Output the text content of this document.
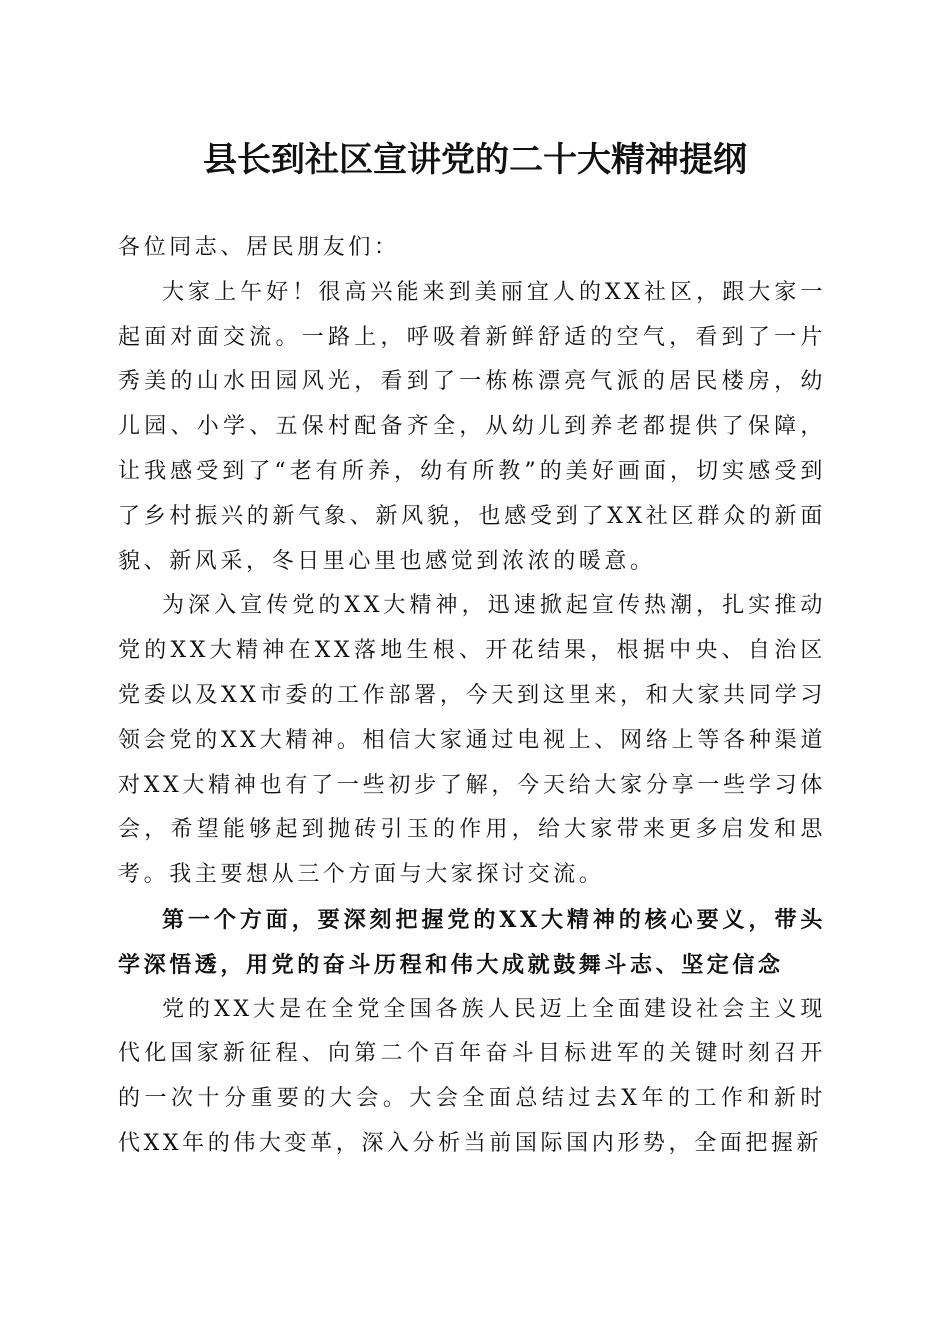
县长到社区宣讲党的二十大精神提纲

各位同志、居民朋友们：

大家上午好！很高兴能来到美丽宜人的XX社区，跟大家一起面对面交流。一路上，呼吸着新鲜舒适的空气，看到了一片秀美的山水田园风光，看到了一栋栋漂亮气派的居民楼房，幼儿园、小学、五保村配备齐全，从幼儿到养老都提供了保障，让我感受到了“老有所养，幼有所教”的美好画面，切实感受到了乡村振兴的新气象、新风貌，也感受到了XX社区群众的新面貌、新风采，冬日里心里也感觉到浓浓的暖意。

为深入宣传党的XX大精神，迅速掀起宣传热潮，扎实推动党的XX大精神在XX落地生根、开花结果，根据中央、自治区党委以及XX市委的工作部署，今天到这里来，和大家共同学习领会党的XX大精神。相信大家通过电视上、网络上等各种渠道对XX大精神也有了一些初步了解，今天给大家分享一些学习体会，希望能够起到抛砖引玉的作用，给大家带来更多启发和思考。我主要想从三个方面与大家探讨交流。

第一个方面，要深刻把握党的XX大精神的核心要义，带头学深悟透，用党的奋斗历程和伟大成就鼓舞斗志、坚定信念

党的XX大是在全党全国各族人民迈上全面建设社会主义现代化国家新征程、向第二个百年奋斗目标进军的关键时刻召开的一次十分重要的大会。大会全面总结过去X年的工作和新时代XX年的伟大变革，深入分析当前国际国内形势，全面把握新
